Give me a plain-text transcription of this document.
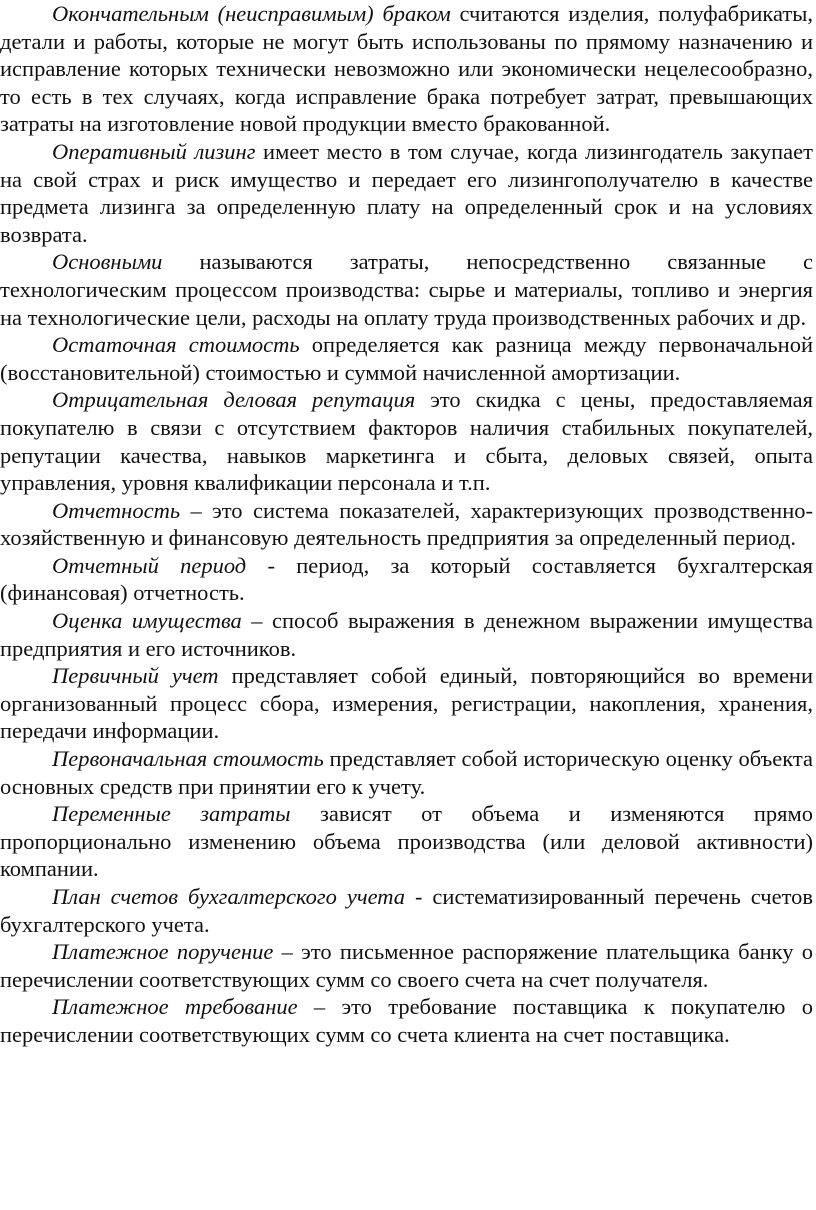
Окончательным (неисправимым) браком считаются изделия, полуфабрикаты, детали и работы, которые не могут быть использованы по прямому назначению и исправление которых технически невозможно или экономически нецелесообразно, то есть в тех случаях, когда исправление брака потребует затрат, превышающих затраты на изготовление новой продукции вместо бракованной.

Оперативный лизинг имеет место в том случае, когда лизингодатель закупает на свой страх и риск имущество и передает его лизингополучателю в качестве предмета лизинга за определенную плату на определенный срок и на условиях возврата.

Основными называются затраты, непосредственно связанные с технологическим процессом производства: сырье и материалы, топливо и энергия на технологические цели, расходы на оплату труда производственных рабочих и др.

Остаточная стоимость определяется как разница между первоначальной (восстановительной) стоимостью и суммой начисленной амортизации.

Отрицательная деловая репутация это скидка с цены, предоставляемая покупателю в связи с отсутствием факторов наличия стабильных покупателей, репутации качества, навыков маркетинга и сбыта, деловых связей, опыта управления, уровня квалификации персонала и т.п.

Отчетность – это система показателей, характеризующих прозводственно-хозяйственную и финансовую деятельность предприятия за определенный период.

Отчетный период - период, за который составляется бухгалтерская (финансовая) отчетность.

Оценка имущества – способ выражения в денежном выражении имущества предприятия и его источников.

Первичный учет представляет собой единый, повторяющийся во времени организованный процесс сбора, измерения, регистрации, накопления, хранения, передачи информации.

Первоначальная стоимость представляет собой историческую оценку объекта основных средств при принятии его к учету.

Переменные затраты зависят от объема и изменяются прямо пропорционально изменению объема производства (или деловой активности) компании.

План счетов бухгалтерского учета - систематизированный перечень счетов бухгалтерского учета.

Платежное поручение – это письменное распоряжение плательщика банку о перечислении соответствующих сумм со своего счета на счет получателя.

Платежное требование – это требование поставщика к покупателю о перечислении соответствующих сумм со счета клиента на счет поставщика.
